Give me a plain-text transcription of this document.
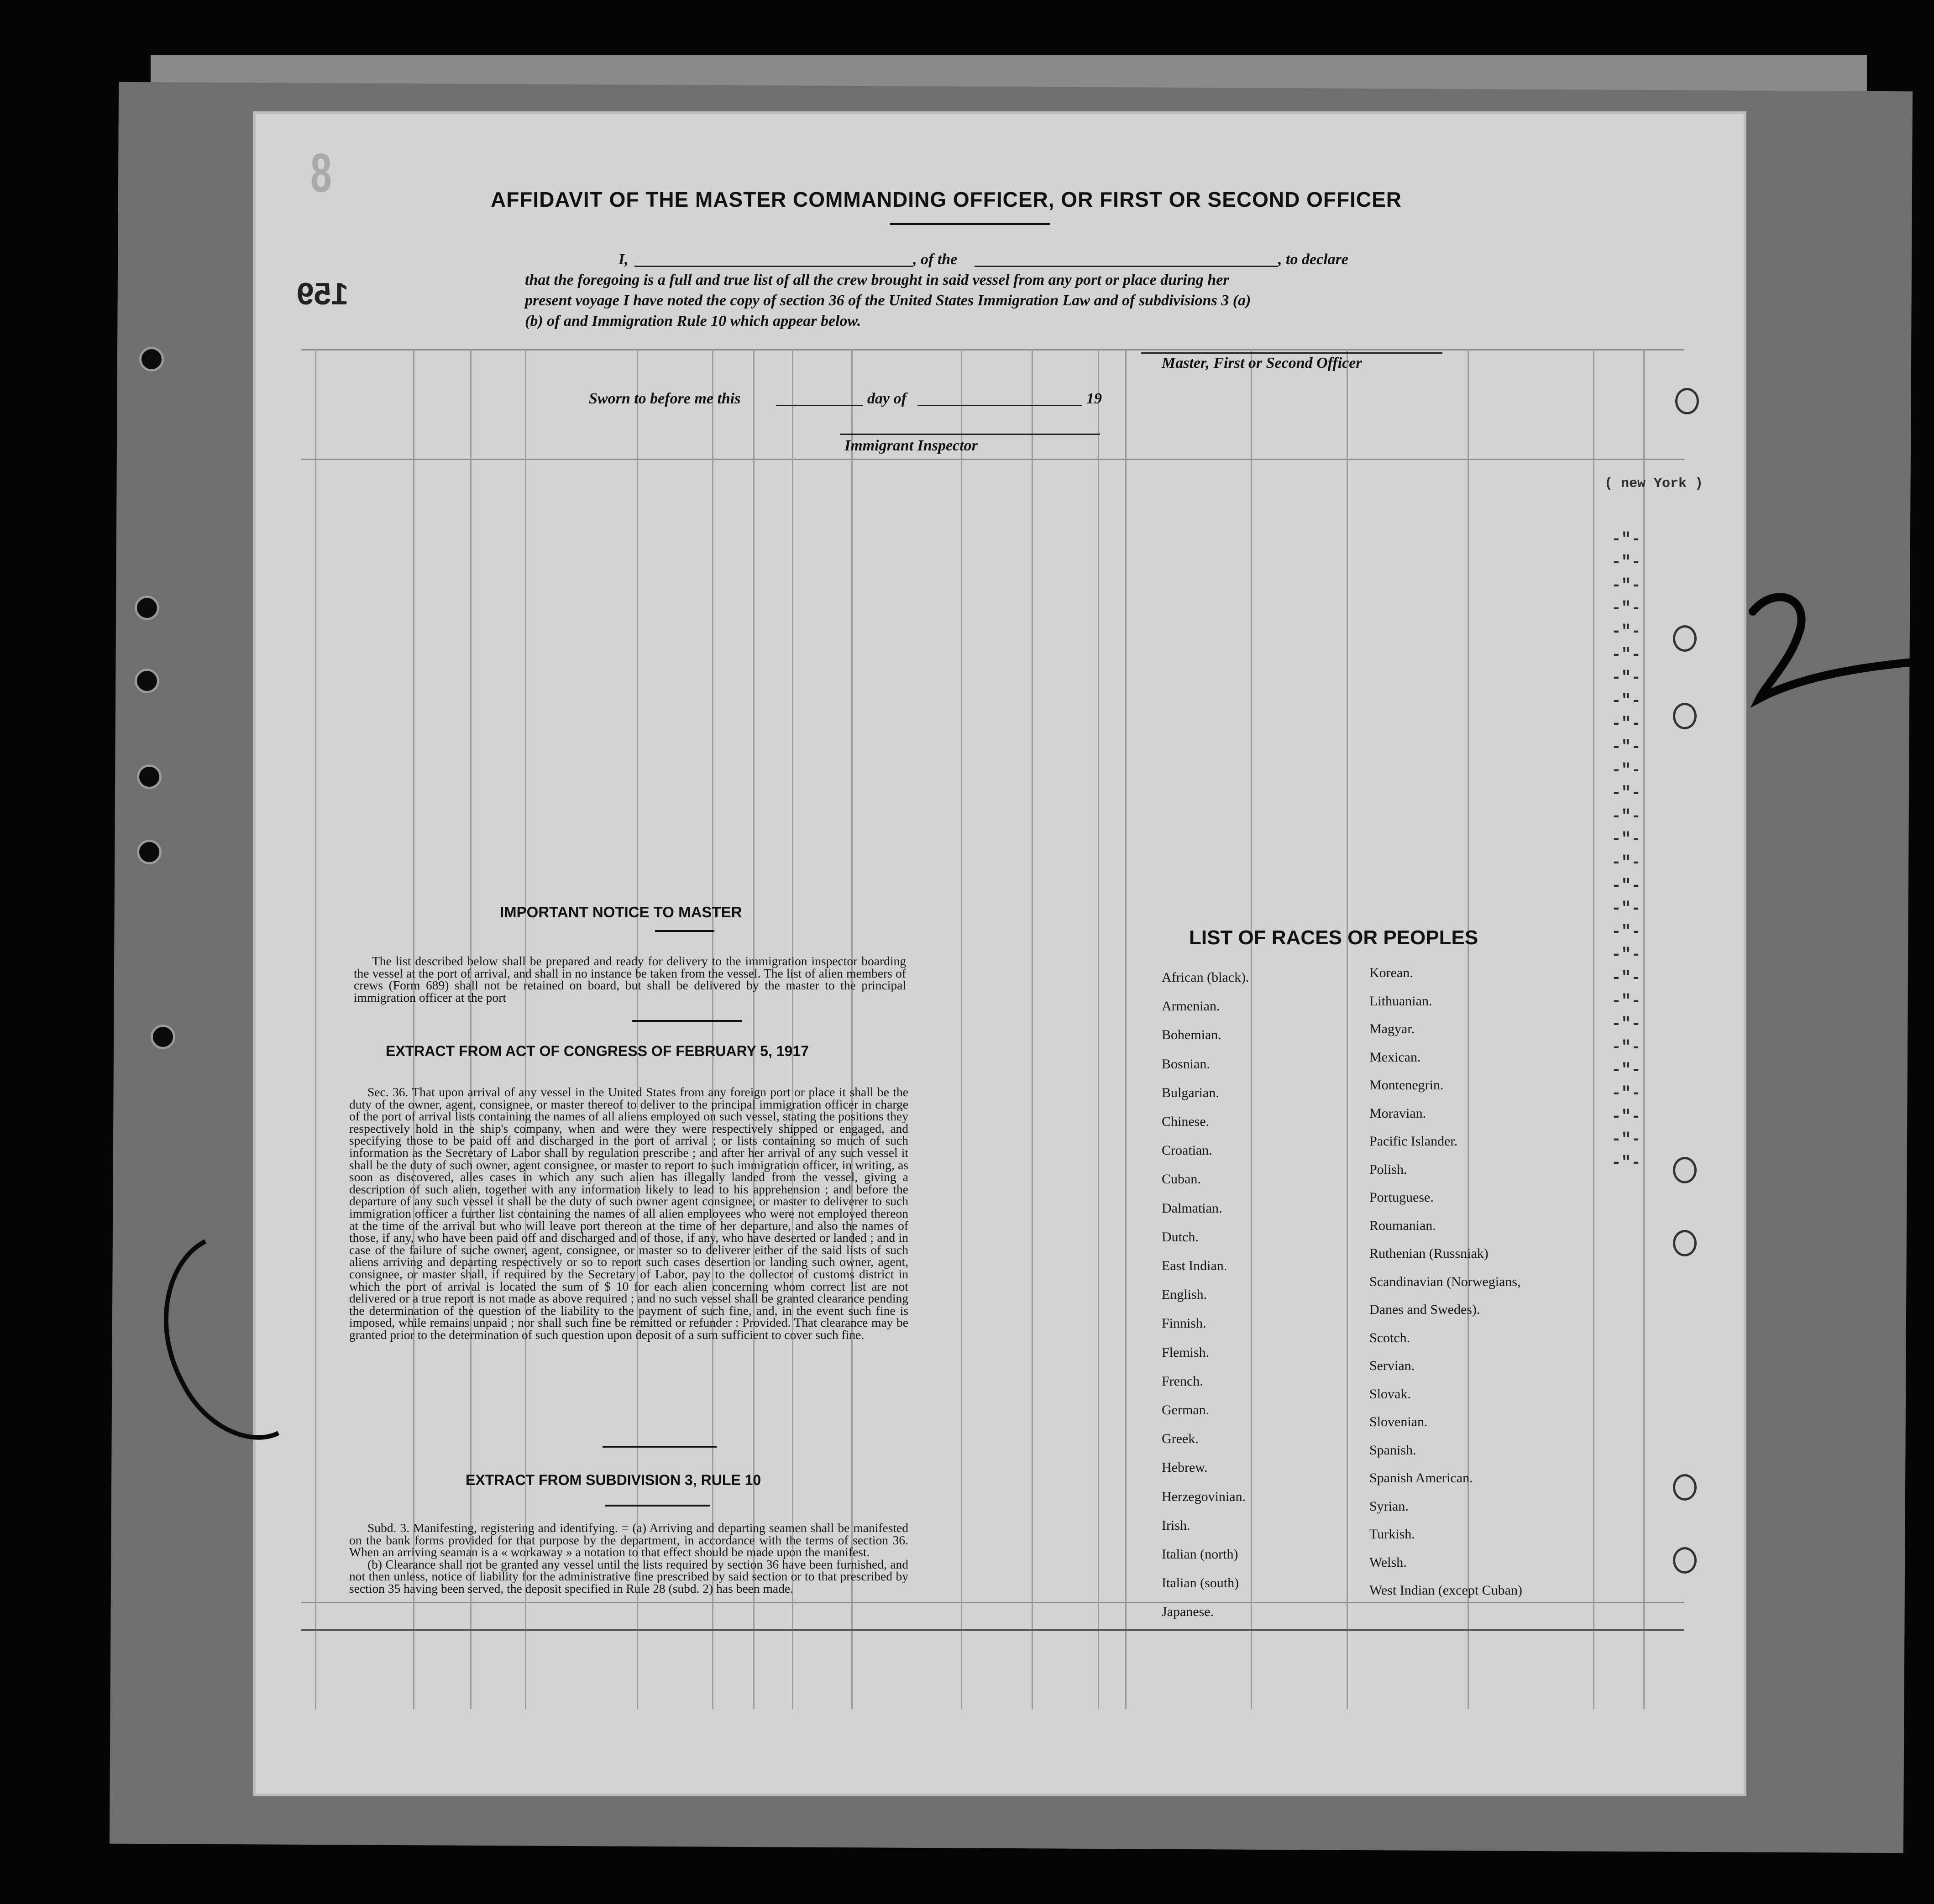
AFFIDAVIT OF THE MASTER COMMANDING OFFICER, OR FIRST OR SECOND OFFICER
I,	, of the	, to declare
that the foregoing is a full and true list of all the crew brought in said vessel from any port or place during her
present voyage I have noted the copy of section 36 of the United States Immigration Law and of subdivisions 3 (a)
(b) of and Immigration Rule 10 which appear below.
Master, First or Second Officer
Sworn to before me this	day of	19
Immigrant Inspector
-"-
-"-
-"-
-"-
-"-
-"-
-"-
-"-
-"-
-"-
-"-
-"-
-"-
-"-
-"-
-"-
-"-
-"-
-"-
-"-
-"-
-"-
-"-
-"-
-"-
-"-
-"-
-"-
( new York )
IMPORTANT NOTICE TO MASTER

The list described below shall be prepared and ready for delivery to the immigration inspector boarding the vessel at the port of arrival, and shall in no instance be taken from the vessel. The list of alien members of crews (Form 689) shall not be retained on board, but shall be delivered by the master to the principal immigration officer at the port

EXTRACT FROM ACT OF CONGRESS OF FEBRUARY 5, 1917

Sec. 36. That upon arrival of any vessel in the United States from any foreign port or place it shall be the duty of the owner, agent, consignee, or master thereof to deliver to the principal immigration officer in charge of the port of arrival lists containing the names of all aliens employed on such vessel, stating the positions they respectively hold in the ship's company, when and were they were respectively shipped or engaged, and specifying those to be paid off and discharged in the port of arrival ; or lists containing so much of such information as the Secretary of Labor shall by regulation prescribe ; and after her arrival of any such vessel it shall be the duty of such owner, agent consignee, or master to report to such immigration officer, in writing, as soon as discovered, alles cases in which any such alien has illegally landed from the vessel, giving a description of such alien, together with any information likely to lead to his apprehension ; and before the departure of any such vessel it shall be the duty of such owner agent consignee, or master to deliverer to such immigration officer a further list containing the names of all alien employees who were not employed thereon at the time of the arrival but who will leave port thereon at the time of her departure, and also the names of those, if any, who have been paid off and discharged and of those, if any, who have deserted or landed ; and in case of the failure of suche owner, agent, consignee, or master so to deliverer either of the said lists of such aliens arriving and departing respectively or so to report such cases desertion or landing such owner, agent, consignee, or master shall, if required by the Secretary of Labor, pay to the collector of customs district in which the port of arrival is located the sum of $ 10 for each alien concerning whom correct list are not delivered or a true report is not made as above required ; and no such vessel shall be granted clearance pending the determination of the question of the liability to the payment of such fine, and, in the event such fine is imposed, while remains unpaid ; nor shall such fine be remitted or refunder : Provided. That clearance may be granted prior to the determination of such question upon deposit of a sum sufficient to cover such fine.

EXTRACT FROM SUBDIVISION 3, RULE 10

Subd. 3. Manifesting, registering and identifying. = (a) Arriving and departing seamen shall be manifested on the bank forms provided for that purpose by the department, in accordance with the terms of section 36. When an arriving seaman is a « workaway » a notation to that effect should be made upon the manifest.

(b) Clearance shall not be granted any vessel until the lists required by section 36 have been furnished, and not then unless, notice of liability for the administrative fine prescribed by said section or to that prescribed by section 35 having been served, the deposit specified in Rule 28 (subd. 2) has been made.

LIST OF RACES OR PEOPLES
African (black).
Armenian.
Bohemian.
Bosnian.
Bulgarian.
Chinese.
Croatian.
Cuban.
Dalmatian.
Dutch.
East Indian.
English.
Finnish.
Flemish.
French.
German.
Greek.
Hebrew.
Herzegovinian.
Irish.
Italian (north)
Italian (south)
Japanese.
Korean.
Lithuanian.
Magyar.
Mexican.
Montenegrin.
Moravian.
Pacific Islander.
Polish.
Portuguese.
Roumanian.
Ruthenian (Russniak)
Scandinavian (Norwegians,
Danes and Swedes).
Scotch.
Servian.
Slovak.
Slovenian.
Spanish.
Spanish American.
Syrian.
Turkish.
Welsh.
West Indian (except Cuban)
8
159
